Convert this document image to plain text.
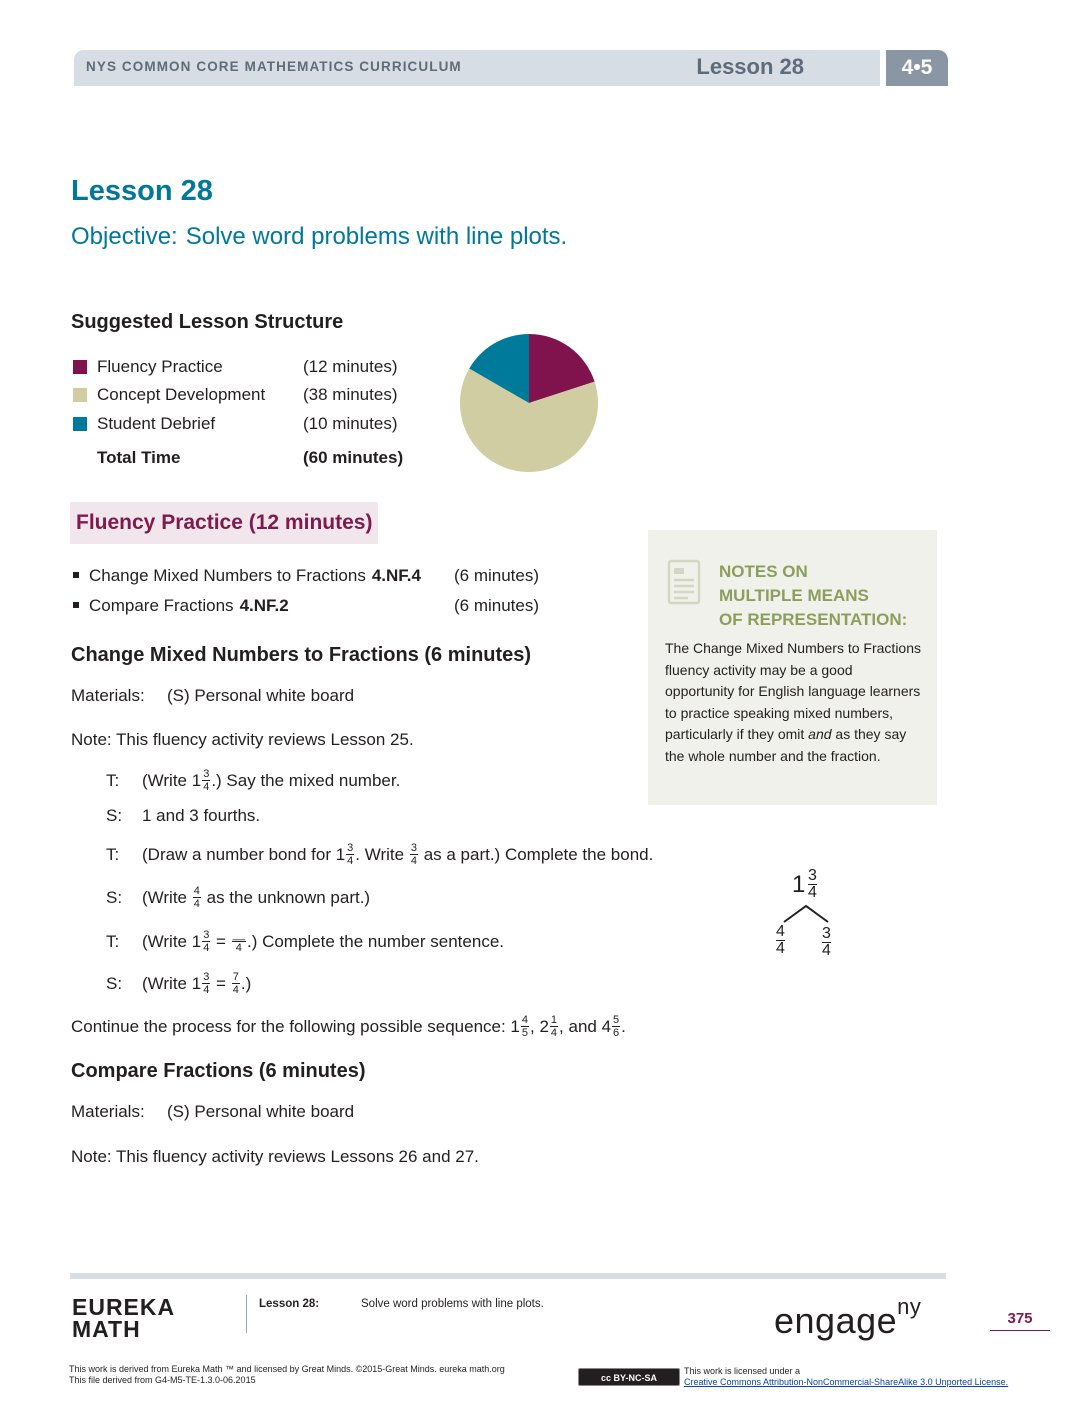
NYS COMMON CORE MATHEMATICS CURRICULUM	Lesson 28	4•5
Lesson 28
Objective: Solve word problems with line plots.
Suggested Lesson Structure
Fluency Practice	(12 minutes)
Concept Development (38 minutes)
Student Debrief	(10 minutes)
Total Time	(60 minutes)
Fluency Practice (12 minutes)
Change Mixed Numbers to Fractions 4.NF.4 (6 minutes)
Compare Fractions 4.NF.2	(6 minutes)
Change Mixed Numbers to Fractions (6 minutes)
Materials: (S) Personal white board
Note: This fluency activity reviews Lesson 25.
T: (Write $1 \frac{3}{4}$ .) Say the mixed number.
S: 1 and 3 fourths.
T: (Draw a number bond for $1 \frac{3}{4}$ . Write $\frac{3}{4}$ as a part.) Complete the bond.
S: (Write $\frac{4}{4}$ as the unknown part.)
T: (Write $1 \frac{3}{4}$ = __
4 .) Complete the number sentence.
S: (Write $1 \frac{3}{4} = \frac{7}{4}$ .)
Continue the process for the following possible sequence: $1 \frac{4}{5}$ , $2 \frac{1}{4}$ , and $4 \frac{5}{6}$ .
1 3
4
4
4
3
4
Compare Fractions (6 minutes)
Materials: (S) Personal white board
Note: This fluency activity reviews Lessons 26 and 27.
NOTES ON
MULTIPLE MEANS
OF REPRESENTATION:
The Change Mixed Numbers to Fractions fluency activity may be a good opportunity for English language learners to practice speaking mixed numbers, particularly if they omit and as they say the whole number and the fraction.
EUREKA
MATH
Lesson 28:	Solve word problems with line plots.	engage$^{ny}$	375
This work is derived from Eureka Math ™ and licensed by Great Minds. ©2015-Great Minds. eureka math.org
This file derived from G4-M5-TE-1.3.0-06.2015	cc BY-NC-SA
This work is licensed under a
Creative Commons Attribution-NonCommercial-ShareAlike 3.0 Unported License.
